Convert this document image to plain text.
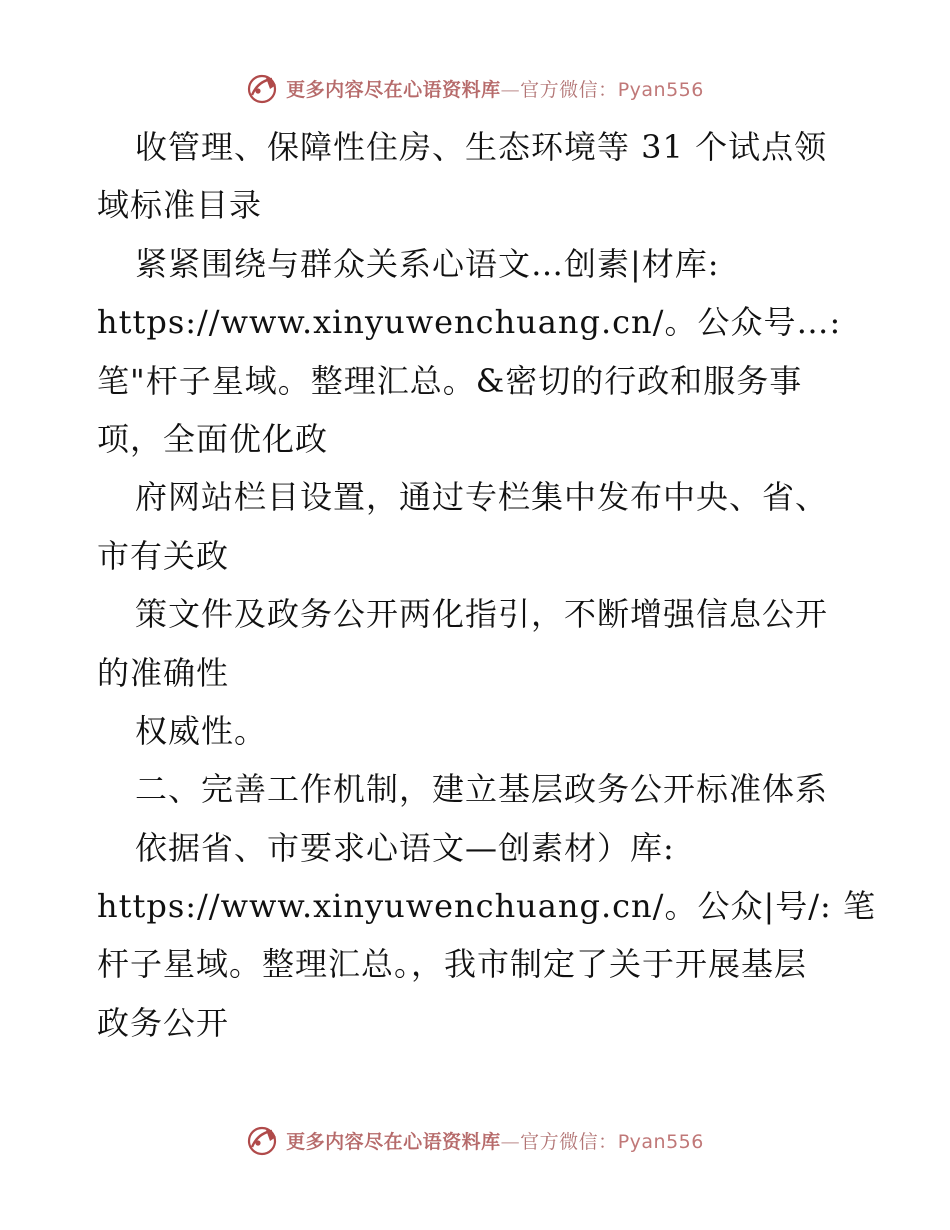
更多内容尽在心语资料库—官方微信：Pyan556
收管理、保障性住房、生态环境等 31 个试点领
域标准目录
紧紧围绕与群众关系心语文…创素|材库:
https://www.xinyuwenchuang.cn/。公众号…:
笔"杆子星域。整理汇总。&密切的行政和服务事
项，全面优化政
府网站栏目设置，通过专栏集中发布中央、省、
市有关政
策文件及政务公开两化指引，不断增强信息公开
的准确性
权威性。
二、完善工作机制，建立基层政务公开标准体系
依据省、市要求心语文—创素材）库:
https://www.xinyuwenchuang.cn/。公众|号/: 笔
杆子星域。整理汇总。，我市制定了关于开展基层
政务公开
更多内容尽在心语资料库—官方微信：Pyan556
